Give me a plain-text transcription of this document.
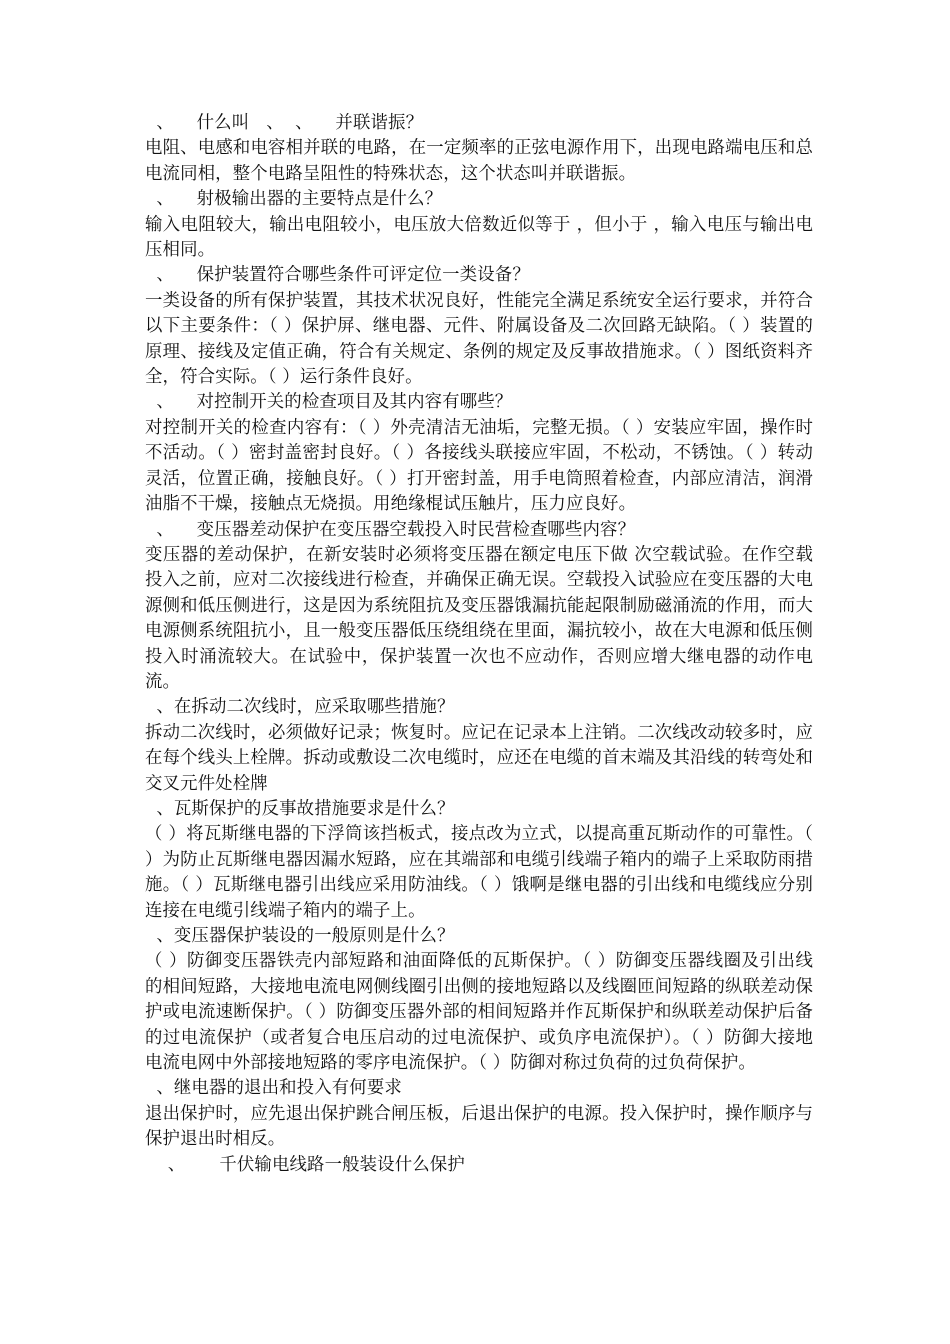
、    什么叫   、  、    并联谐振？

电阻、电感和电容相并联的电路，在一定频率的正弦电源作用下，出现电路端电压和总电流同相，整个电路呈阻性的特殊状态，这个状态叫并联谐振。

、    射极输出器的主要特点是什么？

输入电阻较大，输出电阻较小，电压放大倍数近似等于 ，但小于 ，输入电压与输出电压相同。

、    保护装置符合哪些条件可评定位一类设备？

一类设备的所有保护装置，其技术状况良好，性能完全满足系统安全运行要求，并符合以下主要条件：（ ）保护屏、继电器、元件、附属设备及二次回路无缺陷。（ ）装置的原理、接线及定值正确，符合有关规定、条例的规定及反事故措施求。（ ）图纸资料齐全，符合实际。（ ）运行条件良好。

、    对控制开关的检查项目及其内容有哪些？

对控制开关的检查内容有：（ ）外壳清洁无油垢，完整无损。（ ）安装应牢固，操作时不活动。（ ）密封盖密封良好。（ ）各接线头联接应牢固，不松动，不锈蚀。（ ）转动灵活，位置正确，接触良好。（ ）打开密封盖，用手电筒照着检查，内部应清洁，润滑油脂不干燥，接触点无烧损。用绝缘棍试压触片，压力应良好。

、    变压器差动保护在变压器空载投入时民营检查哪些内容？

变压器的差动保护，在新安装时必须将变压器在额定电压下做 次空载试验。在作空载投入之前，应对二次接线进行检查，并确保正确无误。空载投入试验应在变压器的大电源侧和低压侧进行，这是因为系统阻抗及变压器饿漏抗能起限制励磁涌流的作用，而大电源侧系统阻抗小，且一般变压器低压绕组绕在里面，漏抗较小，故在大电源和低压侧投入时涌流较大。在试验中，保护装置一次也不应动作，否则应增大继电器的动作电流。

、在拆动二次线时，应采取哪些措施？

拆动二次线时，必须做好记录；恢复时。应记在记录本上注销。二次线改动较多时，应在每个线头上栓牌。拆动或敷设二次电缆时，应还在电缆的首末端及其沿线的转弯处和交叉元件处栓牌

、瓦斯保护的反事故措施要求是什么？

（ ）将瓦斯继电器的下浮筒该挡板式，接点改为立式，以提高重瓦斯动作的可靠性。（ ）为防止瓦斯继电器因漏水短路，应在其端部和电缆引线端子箱内的端子上采取防雨措施。（ ）瓦斯继电器引出线应采用防油线。（ ）饿啊是继电器的引出线和电缆线应分别连接在电缆引线端子箱内的端子上。

、变压器保护装设的一般原则是什么？

（ ）防御变压器铁壳内部短路和油面降低的瓦斯保护。（ ）防御变压器线圈及引出线的相间短路，大接地电流电网侧线圈引出侧的接地短路以及线圈匝间短路的纵联差动保护或电流速断保护。（ ）防御变压器外部的相间短路并作瓦斯保护和纵联差动保护后备的过电流保护（或者复合电压启动的过电流保护、或负序电流保护）。（ ）防御大接地电流电网中外部接地短路的零序电流保护。（ ）防御对称过负荷的过负荷保护。

、继电器的退出和投入有何要求

退出保护时，应先退出保护跳合闸压板，后退出保护的电源。投入保护时，操作顺序与保护退出时相反。

、      千伏输电线路一般装设什么保护
